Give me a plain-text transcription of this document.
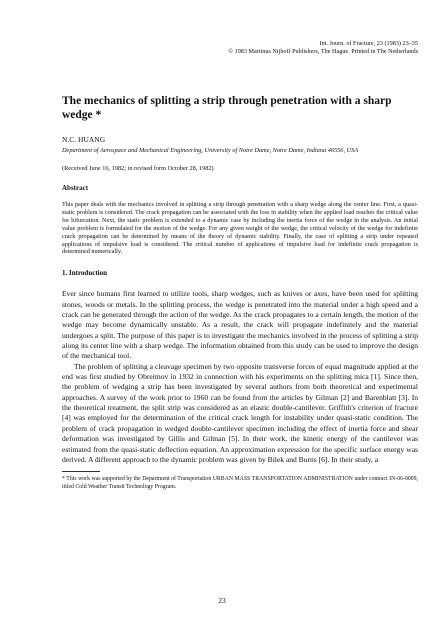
Int. Journ. of Fracture, 23 (1983) 23–35
© 1983 Martinus Nijhoff Publishers, The Hague. Printed in The Netherlands
The mechanics of splitting a strip through penetration with a sharp wedge *
N.C. HUANG
Department of Aerospace and Mechanical Engineering, University of Notre Dame, Notre Dame, Indiana 46556, USA
(Received June 16, 1982; in revised form October 28, 1982)
Abstract
This paper deals with the mechanics involved in splitting a strip through penetration with a sharp wedge along the center line. First, a quasi-static problem is considered. The crack propagation can be associated with the loss in stability when the applied load reaches the critical value for bifurcation. Next, the static problem is extended to a dynamic case by including the inertia force of the wedge in the analysis. An initial value problem is formulated for the motion of the wedge. For any given weight of the wedge, the critical velocity of the wedge for indefinite crack propagation can be determined by means of the theory of dynamic stability. Finally, the case of splitting a strip under repeated applications of impulsive load is considered. The critical number of applications of impulsive load for indefinite crack propagation is determined numerically.
1. Introduction

Ever since humans first learned to utilize tools, sharp wedges, such as knives or axes, have been used for splitting stones, woods or metals. In the splitting process, the wedge is penetrated into the material under a high speed and a crack can be generated through the action of the wedge. As the crack propagates to a certain length, the motion of the wedge may become dynamically unstable. As a result, the crack will propagate indefinitely and the material undergoes a split. The purpose of this paper is to investigate the mechanics involved in the process of splitting a strip along its center line with a sharp wedge. The information obtained from this study can be used to improve the design of the mechanical tool.

The problem of splitting a cleavage specimen by two opposite transverse forces of equal magnitude applied at the end was first studied by Obreimov in 1932 in connection with his experiments on the splitting mica [1]. Since then, the problem of wedging a strip has been investigated by several authors from both theoretical and experimental approaches. A survey of the work prior to 1960 can be found from the articles by Gilman [2] and Barenblatt [3]. In the theoretical treatment, the split strip was considered as an elastic double-cantilever. Griffith's criterion of fracture [4] was employed for the determination of the critical crack length for instability under quasi-static condition. The problem of crack propagation in wedged double-cantilever specimen including the effect of inertia force and shear deformation was investigated by Gillis and Gilman [5]. In their work, the kinetic energy of the cantilever was estimated from the quasi-static deflection equation. An approximation expression for the specific surface energy was derived. A different approach to the dynamic problem was given by Bilek and Burns [6]. In their study, a

* This work was supported by the Department of Transportation URBAN MASS TRANSPORTATION ADMINISTRATION under contract IN-06-0009, titled Cold Weather Transit Technology Program.
23
